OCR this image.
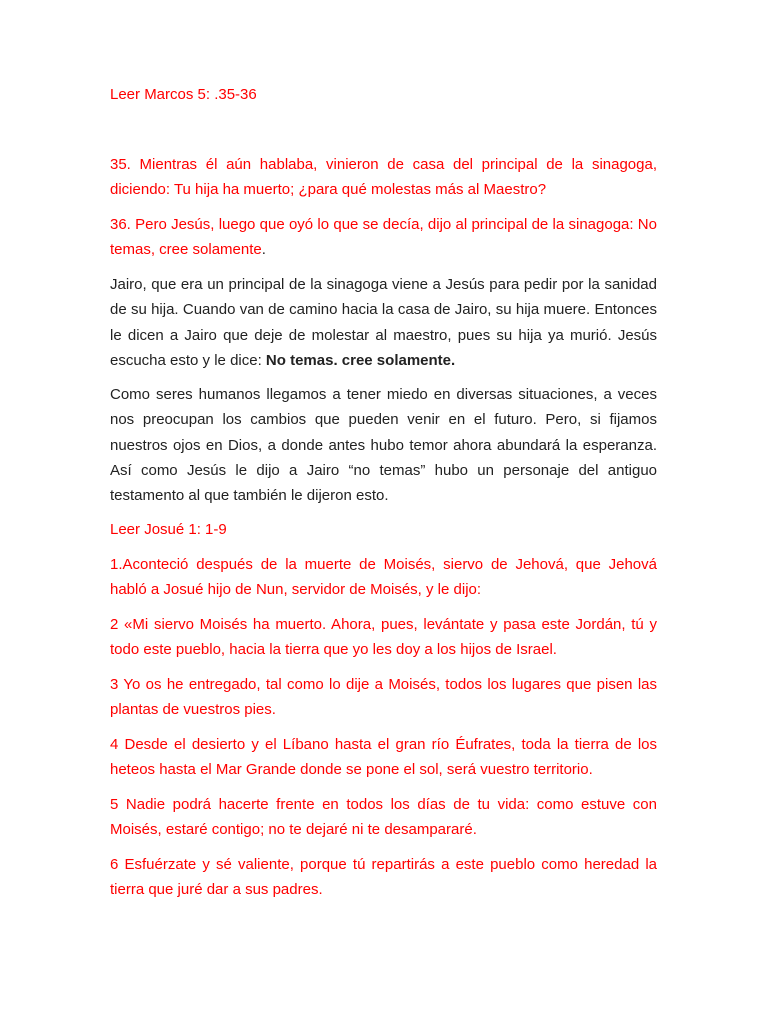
Leer Marcos 5: .35-36

35. Mientras él aún hablaba, vinieron de casa del principal de la sinagoga, diciendo: Tu hija ha muerto; ¿para qué molestas más al Maestro?

36. Pero Jesús, luego que oyó lo que se decía, dijo al principal de la sinagoga: No temas, cree solamente.

Jairo, que era un principal de la sinagoga viene a Jesús para pedir por la sanidad de su hija. Cuando van de camino hacia la casa de Jairo, su hija muere. Entonces le dicen a Jairo que deje de molestar al maestro, pues su hija ya murió. Jesús escucha esto y le dice: No temas. cree solamente.

Como seres humanos llegamos a tener miedo en diversas situaciones, a veces nos preocupan los cambios que pueden venir en el futuro. Pero, si fijamos nuestros ojos en Dios, a donde antes hubo temor ahora abundará la esperanza. Así como Jesús le dijo a Jairo “no temas” hubo un personaje del antiguo testamento al que también le dijeron esto.

Leer Josué 1: 1-9

1.Aconteció después de la muerte de Moisés, siervo de Jehová, que Jehová habló a Josué hijo de Nun, servidor de Moisés, y le dijo:

2 «Mi siervo Moisés ha muerto. Ahora, pues, levántate y pasa este Jordán, tú y todo este pueblo, hacia la tierra que yo les doy a los hijos de Israel.

3 Yo os he entregado, tal como lo dije a Moisés, todos los lugares que pisen las plantas de vuestros pies.

4 Desde el desierto y el Líbano hasta el gran río Éufrates, toda la tierra de los heteos hasta el Mar Grande donde se pone el sol, será vuestro territorio.

5 Nadie podrá hacerte frente en todos los días de tu vida: como estuve con Moisés, estaré contigo; no te dejaré ni te desampararé.

6 Esfuérzate y sé valiente, porque tú repartirás a este pueblo como heredad la tierra que juré dar a sus padres.
